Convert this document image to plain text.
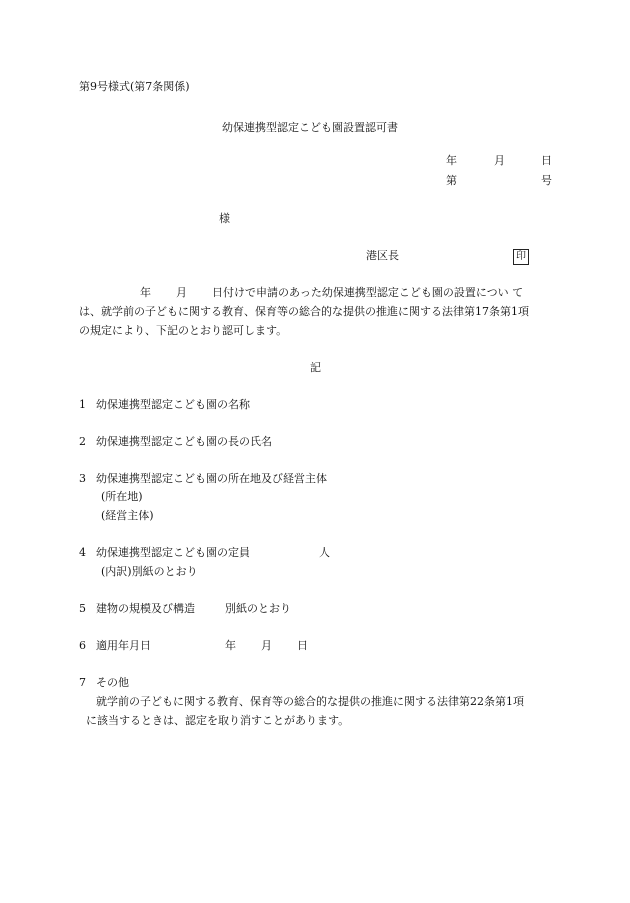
第9号様式(第7条関係)
幼保連携型認定こども園設置認可書
年	月	日
第	号
様
港区長	印
年 月 日付けで申請のあった幼保連携型認定こども園の設置につい て
は、就学前の子どもに関する教育、保育等の総合的な提供の推進に関する法律第17条第1項
の規定により、下記のとおり認可します。
記
1 幼保連携型認定こども園の名称
2 幼保連携型認定こども園の長の氏名
3 幼保連携型認定こども園の所在地及び経営主体
(所在地)
(経営主体)
4 幼保連携型認定こども園の定員	人
(内訳)別紙のとおり
5 建物の規模及び構造	別紙のとおり
6 適用年月日	年 月 日
7 その他
就学前の子どもに関する教育、保育等の総合的な提供の推進に関する法律第22条第1項
に該当するときは、認定を取り消すことがあります。
